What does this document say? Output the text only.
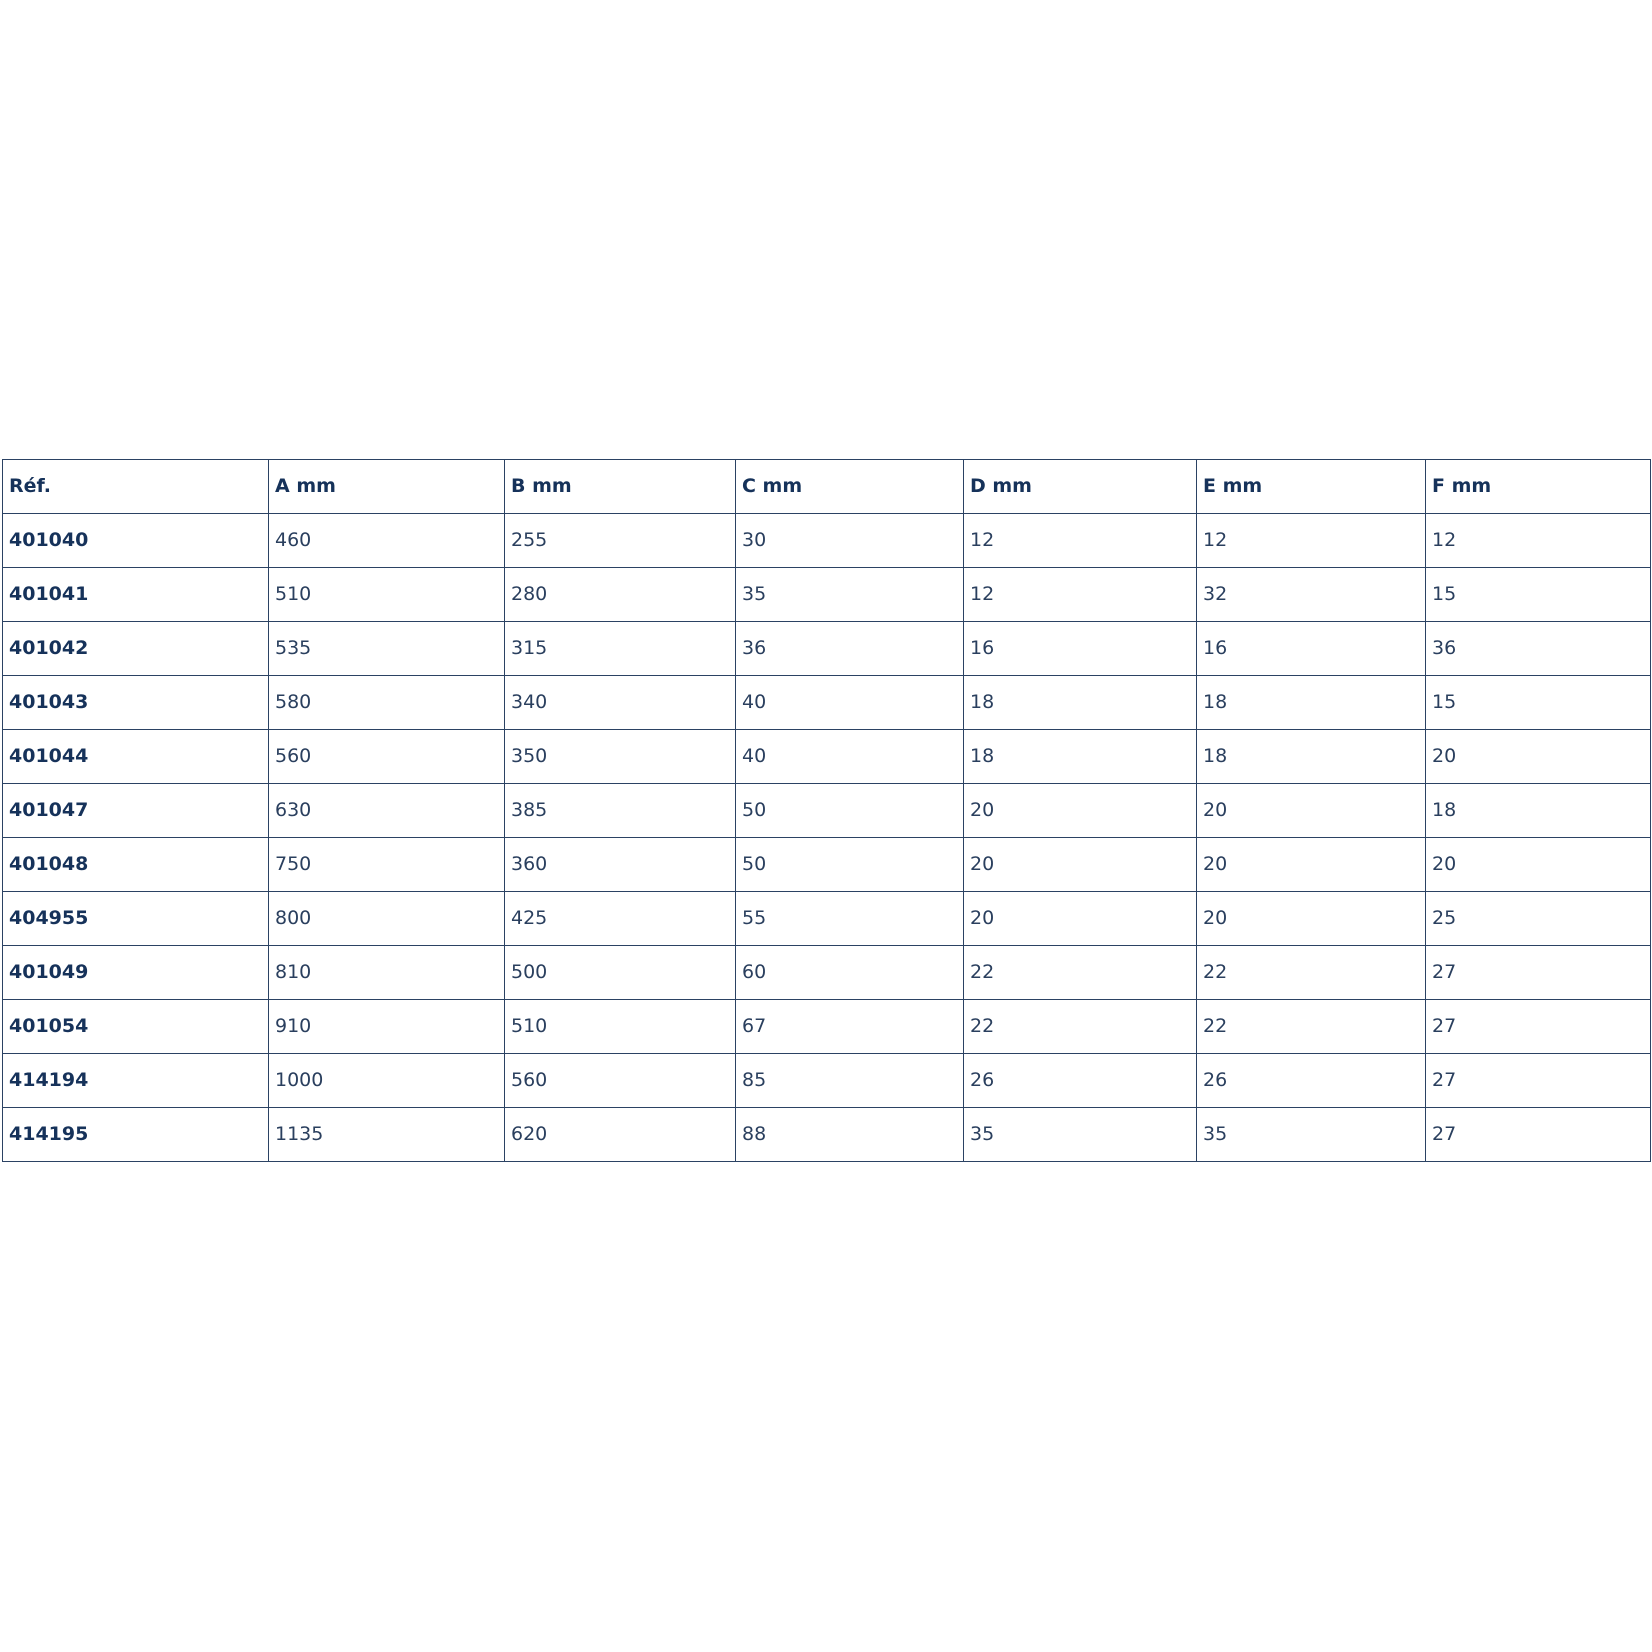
Réf.	A mm	B mm	C mm	D mm	E mm	F mm
401040	460	255	30	12	12	12
401041	510	280	35	12	32	15
401042	535	315	36	16	16	36
401043	580	340	40	18	18	15
401044	560	350	40	18	18	20
401047	630	385	50	20	20	18
401048	750	360	50	20	20	20
404955	800	425	55	20	20	25
401049	810	500	60	22	22	27
401054	910	510	67	22	22	27
414194	1000	560	85	26	26	27
414195	1135	620	88	35	35	27
